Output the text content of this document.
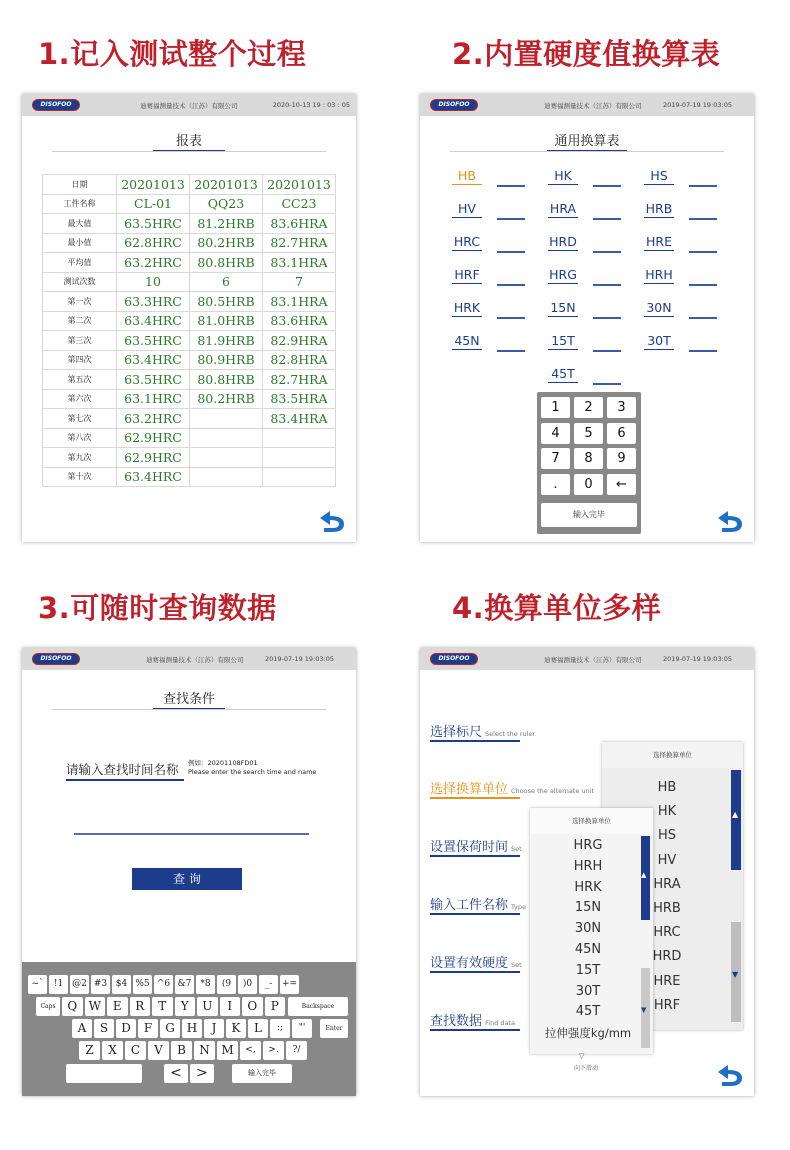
1.记入测试整个过程	2.内置硬度值换算表
3.可随时查询数据	4.换算单位多样
DISOFOO	迪赛福测量技术（江苏）有限公司	2020-10-13 19 : 03 : 05
报表
日期	20201013	20201013	20201013
工件名称	CL-01	QQ23	CC23
最大值	63.5HRC	81.2HRB	83.6HRA
最小值	62.8HRC	80.2HRB	82.7HRA
平均值	63.2HRC	80.8HRB	83.1HRA
测试次数	10	6	7
第一次	63.3HRC	80.5HRB	83.1HRA
第二次	63.4HRC	81.0HRB	83.6HRA
第三次	63.5HRC	81.9HRB	82.9HRA
第四次	63.4HRC	80.9HRB	82.8HRA
第五次	63.5HRC	80.8HRB	82.7HRA
第六次	63.1HRC	80.2HRB	83.5HRA
第七次	63.2HRC		83.4HRA
第八次	62.9HRC		
第九次	62.9HRC		
第十次	63.4HRC		
DISOFOO	迪赛福测量技术（江苏）有限公司	2019-07-19 19:03:05
通用换算表
HB	HK	HS
HV	HRA	HRB
HRC	HRD	HRE
HRF	HRG	HRH
HRK	15N	30N
45N	15T	30T
45T
输入完毕
1	2	3
4	5	6
7	8	9
.	0	←
DISOFOO	迪赛福测量技术（江苏）有限公司	2019-07-19 19:03:05
查找条件
请输入查找时间名称 例如：20201108FD01
Please enter the search time and name
查 询
~`	!1 @2 #3 $4 %5 ^6 &7	*8	(9	)0	_-	+=
Caps Q W E	R	T	Y	U	I	O	P	Backspace
A	S	D	F	G H	J	K	L	:;	"'	Enter
Z	X	C	V	B	N M	<,	>.	?/
<	>	输入完毕
DISOFOO	迪赛福测量技术（江苏）有限公司	2019-07-19 19:03:05
选择标尺 Select the ruler
选择换算单位 Choose the alternate unit
设置保荷时间 Set
输入工件名称 Type
设置有效硬度 Set
查找数据 Find data
选择换算单位
HB
HK
HS
HV
HRA
HRB
HRC
HRD
HRE
HRF
▲
▼
选择换算单位
HRG
HRH
HRK
15N
30N
45N
15T
30T
45T
拉伸强度kg/mm
▲
▼
▽
向下滑动
